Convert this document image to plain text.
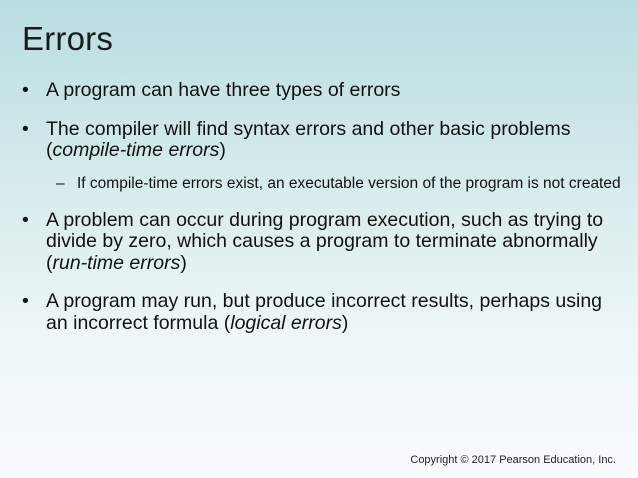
Errors
• A program can have three types of errors
• The compiler will find syntax errors and other basic problems (compile-time errors)
– If compile-time errors exist, an executable version of the program is not created
• A problem can occur during program execution, such as trying to divide by zero, which causes a program to terminate abnormally (run-time errors)
• A program may run, but produce incorrect results, perhaps using an incorrect formula (logical errors)
Copyright © 2017 Pearson Education, Inc.
